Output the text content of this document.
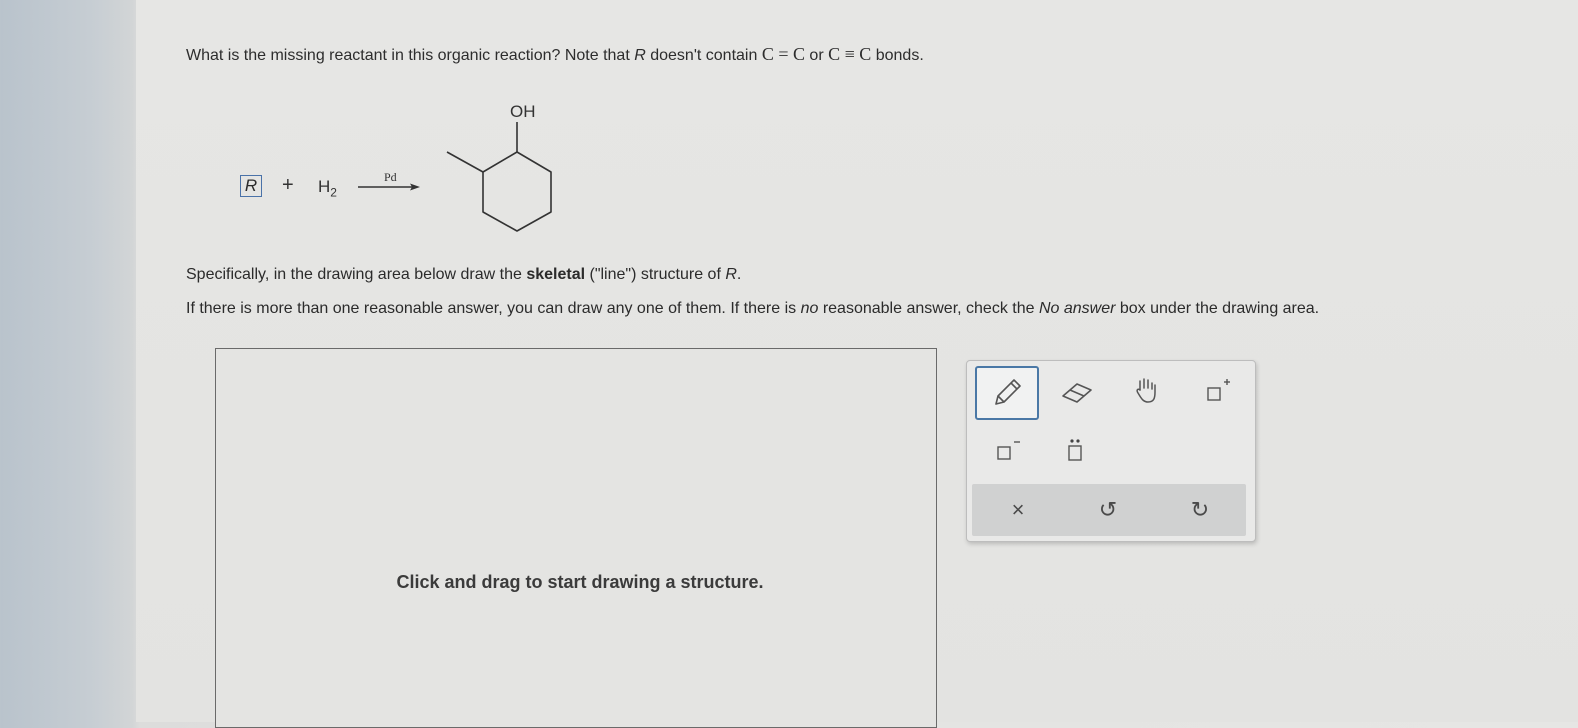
What is the missing reactant in this organic reaction? Note that R doesn't contain C = C or C ≡ C bonds.
$R + H_2$
Pd
OH
Specifically, in the drawing area below draw the skeletal ("line") structure of R.
If there is more than one reasonable answer, you can draw any one of them. If there is no reasonable answer, check the No answer box under the drawing area.
Click and drag to start drawing a structure.
×	↺	↻
